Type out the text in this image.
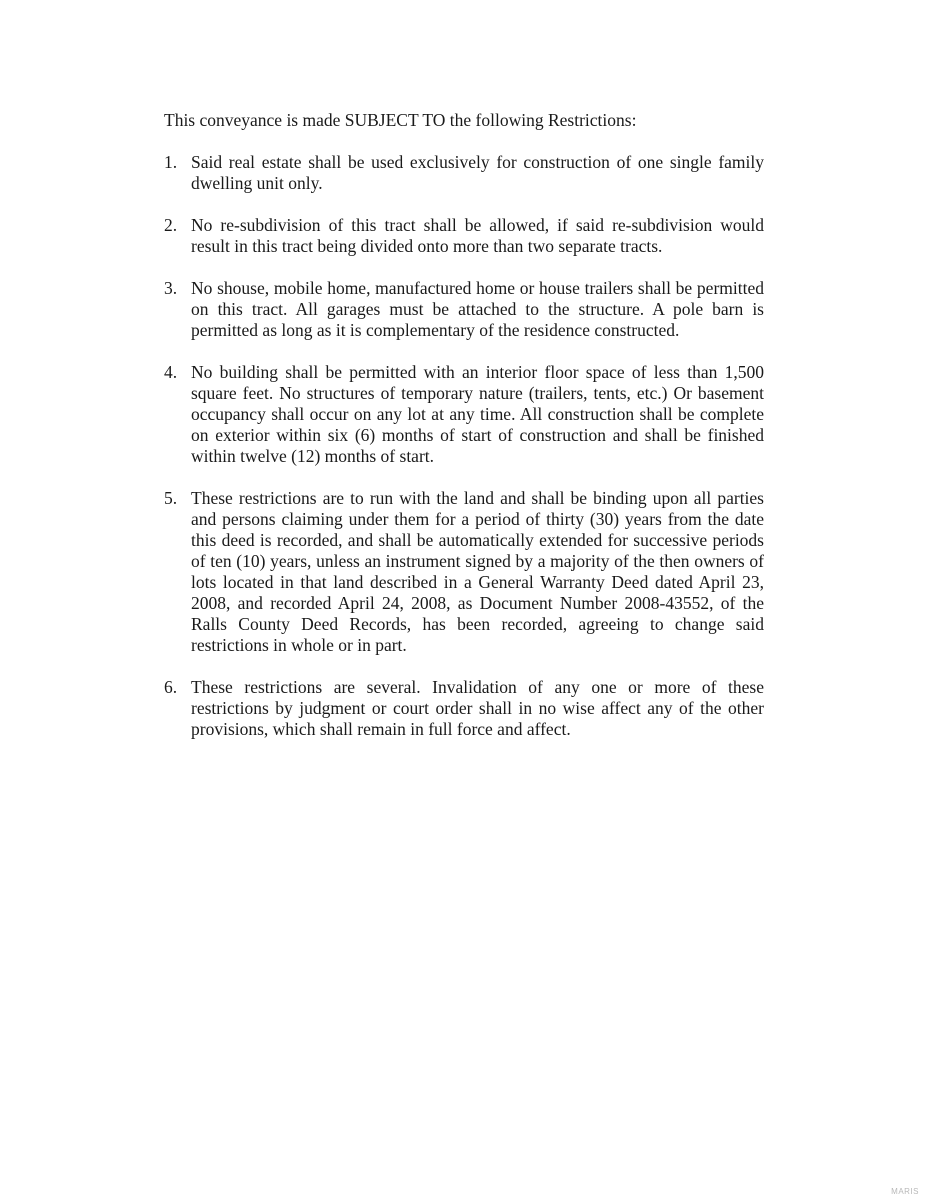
This conveyance is made SUBJECT TO the following Restrictions:

1. Said real estate shall be used exclusively for construction of one single family dwelling unit only.
2. No re-subdivision of this tract shall be allowed, if said re-subdivision would result in this tract being divided onto more than two separate tracts.
3. No shouse, mobile home, manufactured home or house trailers shall be permitted on this tract. All garages must be attached to the structure. A pole barn is permitted as long as it is complementary of the residence constructed.
4. No building shall be permitted with an interior floor space of less than 1,500 square feet. No structures of temporary nature (trailers, tents, etc.) Or basement occupancy shall occur on any lot at any time. All construction shall be complete on exterior within six (6) months of start of construction and shall be finished within twelve (12) months of start.
5. These restrictions are to run with the land and shall be binding upon all parties and persons claiming under them for a period of thirty (30) years from the date this deed is recorded, and shall be automatically extended for successive periods of ten (10) years, unless an instrument signed by a majority of the then owners of lots located in that land described in a General Warranty Deed dated April 23, 2008, and recorded April 24, 2008, as Document Number 2008-43552, of the Ralls County Deed Records, has been recorded, agreeing to change said restrictions in whole or in part.
6. These restrictions are several. Invalidation of any one or more of these restrictions by judgment or court order shall in no wise affect any of the other provisions, which shall remain in full force and affect.
MARIS
